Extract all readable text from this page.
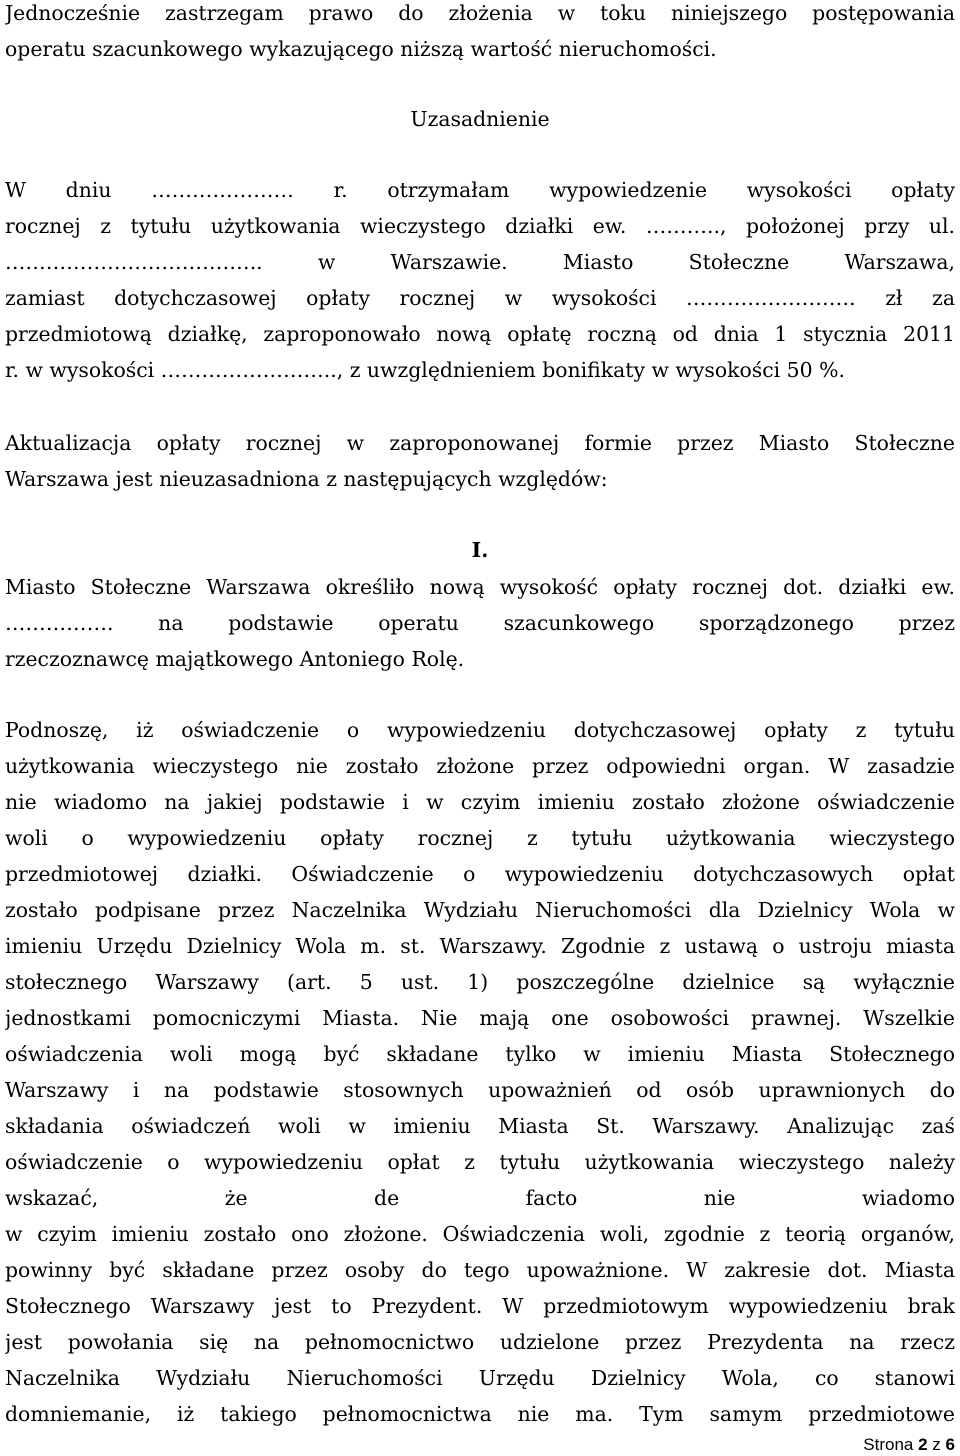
Jednocześnie zastrzegam prawo do złożenia w toku niniejszego postępowania

operatu szacunkowego wykazującego niższą wartość nieruchomości.

Uzasadnienie

W dniu ………………… r. otrzymałam wypowiedzenie wysokości opłaty

rocznej z tytułu użytkowania wieczystego działki ew. ……….., położonej przy ul.

……………………………….. w Warszawie. Miasto Stołeczne Warszawa,

zamiast dotychczasowej opłaty rocznej w wysokości ……………………. zł za

przedmiotową działkę, zaproponowało nową opłatę roczną od dnia 1 stycznia 2011

r. w wysokości …………………….., z uwzględnieniem bonifikaty w wysokości 50 %.

Aktualizacja opłaty rocznej w zaproponowanej formie przez Miasto Stołeczne

Warszawa jest nieuzasadniona z następujących względów:

I.

Miasto Stołeczne Warszawa określiło nową wysokość opłaty rocznej dot. działki ew.

……………. na podstawie operatu szacunkowego sporządzonego przez

rzeczoznawcę majątkowego Antoniego Rolę.

Podnoszę, iż oświadczenie o wypowiedzeniu dotychczasowej opłaty z tytułu

użytkowania wieczystego nie zostało złożone przez odpowiedni organ. W zasadzie

nie wiadomo na jakiej podstawie i w czyim imieniu zostało złożone oświadczenie

woli o wypowiedzeniu opłaty rocznej z tytułu użytkowania wieczystego

przedmiotowej działki. Oświadczenie o wypowiedzeniu dotychczasowych opłat

zostało podpisane przez Naczelnika Wydziału Nieruchomości dla Dzielnicy Wola w

imieniu Urzędu Dzielnicy Wola m. st. Warszawy. Zgodnie z ustawą o ustroju miasta

stołecznego Warszawy (art. 5 ust. 1) poszczególne dzielnice są wyłącznie

jednostkami pomocniczymi Miasta. Nie mają one osobowości prawnej. Wszelkie

oświadczenia woli mogą być składane tylko w imieniu Miasta Stołecznego

Warszawy i na podstawie stosownych upoważnień od osób uprawnionych do

składania oświadczeń woli w imieniu Miasta St. Warszawy. Analizując zaś

oświadczenie o wypowiedzeniu opłat z tytułu użytkowania wieczystego należy

wskazać, że de facto nie wiadomo

w czyim imieniu zostało ono złożone. Oświadczenia woli, zgodnie z teorią organów,

powinny być składane przez osoby do tego upoważnione. W zakresie dot. Miasta

Stołecznego Warszawy jest to Prezydent. W przedmiotowym wypowiedzeniu brak

jest powołania się na pełnomocnictwo udzielone przez Prezydenta na rzecz

Naczelnika Wydziału Nieruchomości Urzędu Dzielnicy Wola, co stanowi

domniemanie, iż takiego pełnomocnictwa nie ma. Tym samym przedmiotowe

Strona 2 z 6
